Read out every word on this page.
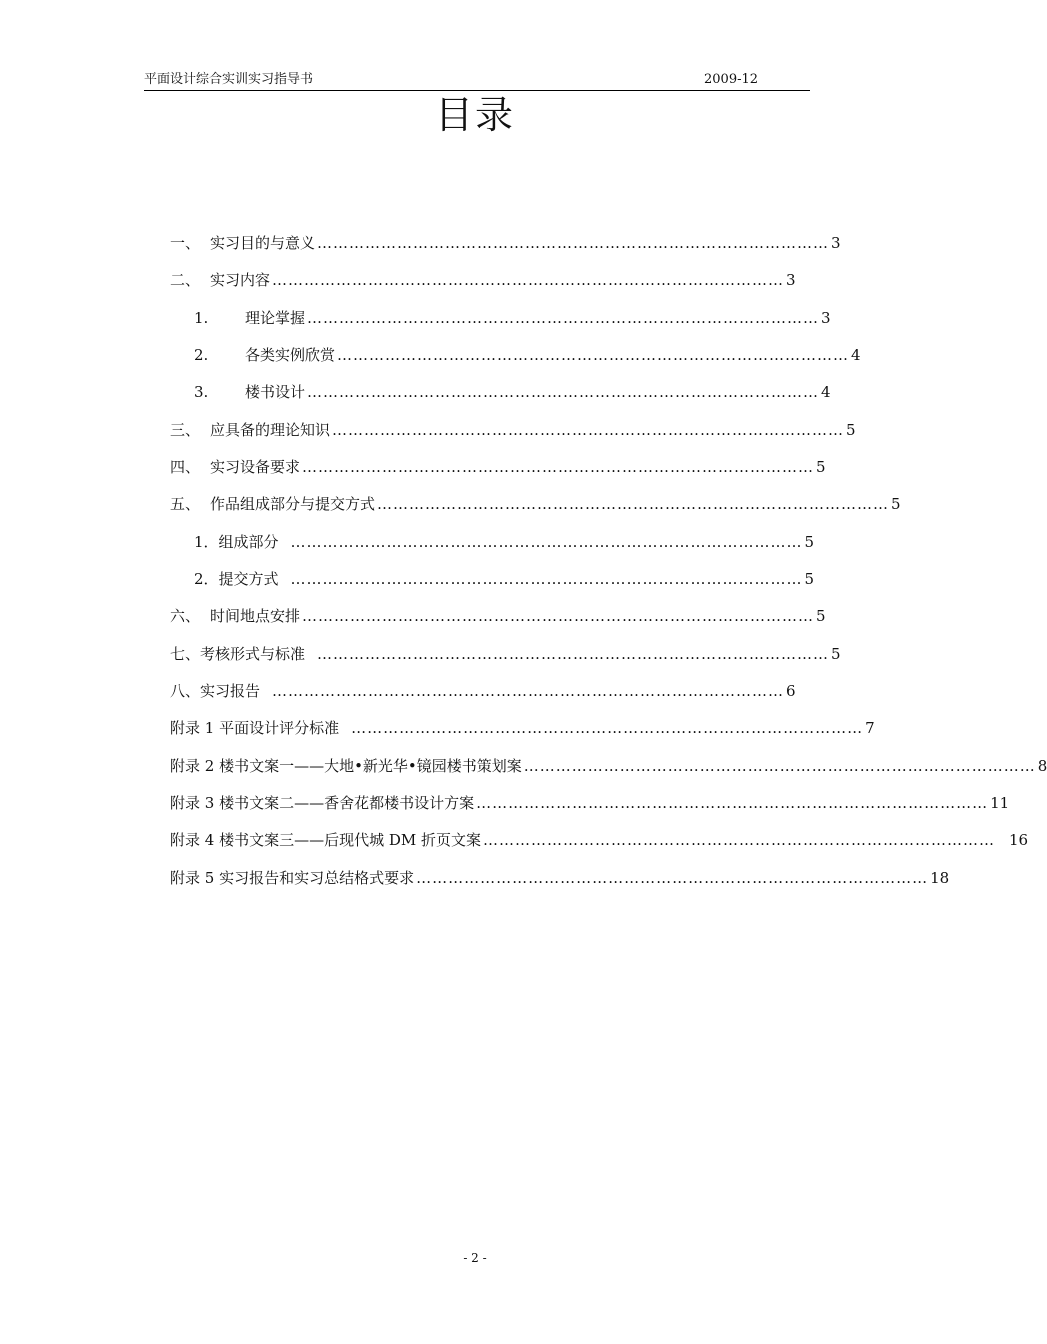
平面设计综合实训实习指导书	2009-12
目录
一、 实习目的与意义 …………………………………………………………………………………… 3
二、 实习内容 …………………………………………………………………………………… 3
1.	理论掌握 …………………………………………………………………………………… 3
2.	各类实例欣赏 …………………………………………………………………………………… 4
3.	楼书设计 …………………………………………………………………………………… 4
三、 应具备的理论知识 …………………………………………………………………………………… 5
四、 实习设备要求 …………………………………………………………………………………… 5
五、 作品组成部分与提交方式 …………………………………………………………………………………… 5
1．组成部分 …………………………………………………………………………………… 5
2．提交方式 …………………………………………………………………………………… 5
六、 时间地点安排 …………………………………………………………………………………… 5
七、考核形式与标准 …………………………………………………………………………………… 5
八、实习报告 …………………………………………………………………………………… 6
附录 1 平面设计评分标准 …………………………………………………………………………………… 7
附录 2 楼书文案一——大地•新光华•镜园楼书策划案 …………………………………………………………………………………… 8
附录 3 楼书文案二——香舍花都楼书设计方案 …………………………………………………………………………………… 11
附录 4 楼书文案三——后现代城 DM 折页文案 …………………………………………………………………………………… 16
附录 5 实习报告和实习总结格式要求 …………………………………………………………………………………… 18
- 2 -
